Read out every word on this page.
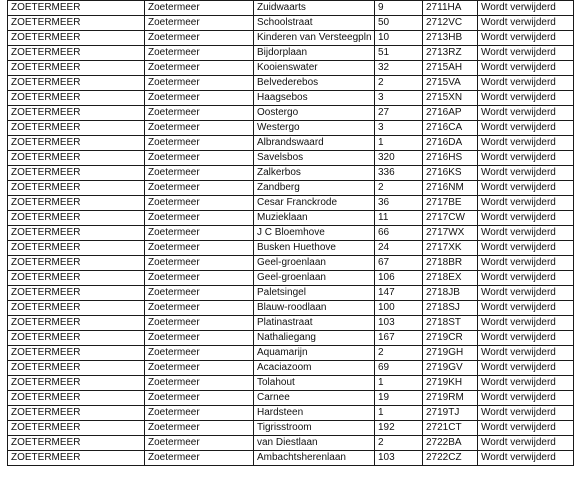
ZOETERMEER	Zoetermeer	Zuidwaarts	9	2711HA	Wordt verwijderd
ZOETERMEER	Zoetermeer	Schoolstraat	50	2712VC	Wordt verwijderd
ZOETERMEER	Zoetermeer	Kinderen van Versteegpln	10	2713HB	Wordt verwijderd
ZOETERMEER	Zoetermeer	Bijdorplaan	51	2713RZ	Wordt verwijderd
ZOETERMEER	Zoetermeer	Kooienswater	32	2715AH	Wordt verwijderd
ZOETERMEER	Zoetermeer	Belvederebos	2	2715VA	Wordt verwijderd
ZOETERMEER	Zoetermeer	Haagsebos	3	2715XN	Wordt verwijderd
ZOETERMEER	Zoetermeer	Oostergo	27	2716AP	Wordt verwijderd
ZOETERMEER	Zoetermeer	Westergo	3	2716CA	Wordt verwijderd
ZOETERMEER	Zoetermeer	Albrandswaard	1	2716DA	Wordt verwijderd
ZOETERMEER	Zoetermeer	Savelsbos	320	2716HS	Wordt verwijderd
ZOETERMEER	Zoetermeer	Zalkerbos	336	2716KS	Wordt verwijderd
ZOETERMEER	Zoetermeer	Zandberg	2	2716NM	Wordt verwijderd
ZOETERMEER	Zoetermeer	Cesar Franckrode	36	2717BE	Wordt verwijderd
ZOETERMEER	Zoetermeer	Muzieklaan	11	2717CW	Wordt verwijderd
ZOETERMEER	Zoetermeer	J C Bloemhove	66	2717WX	Wordt verwijderd
ZOETERMEER	Zoetermeer	Busken Huethove	24	2717XK	Wordt verwijderd
ZOETERMEER	Zoetermeer	Geel-groenlaan	67	2718BR	Wordt verwijderd
ZOETERMEER	Zoetermeer	Geel-groenlaan	106	2718EX	Wordt verwijderd
ZOETERMEER	Zoetermeer	Paletsingel	147	2718JB	Wordt verwijderd
ZOETERMEER	Zoetermeer	Blauw-roodlaan	100	2718SJ	Wordt verwijderd
ZOETERMEER	Zoetermeer	Platinastraat	103	2718ST	Wordt verwijderd
ZOETERMEER	Zoetermeer	Nathaliegang	167	2719CR	Wordt verwijderd
ZOETERMEER	Zoetermeer	Aquamarijn	2	2719GH	Wordt verwijderd
ZOETERMEER	Zoetermeer	Acaciazoom	69	2719GV	Wordt verwijderd
ZOETERMEER	Zoetermeer	Tolahout	1	2719KH	Wordt verwijderd
ZOETERMEER	Zoetermeer	Carnee	19	2719RM	Wordt verwijderd
ZOETERMEER	Zoetermeer	Hardsteen	1	2719TJ	Wordt verwijderd
ZOETERMEER	Zoetermeer	Tigrisstroom	192	2721CT	Wordt verwijderd
ZOETERMEER	Zoetermeer	van Diestlaan	2	2722BA	Wordt verwijderd
ZOETERMEER	Zoetermeer	Ambachtsherenlaan	103	2722CZ	Wordt verwijderd
